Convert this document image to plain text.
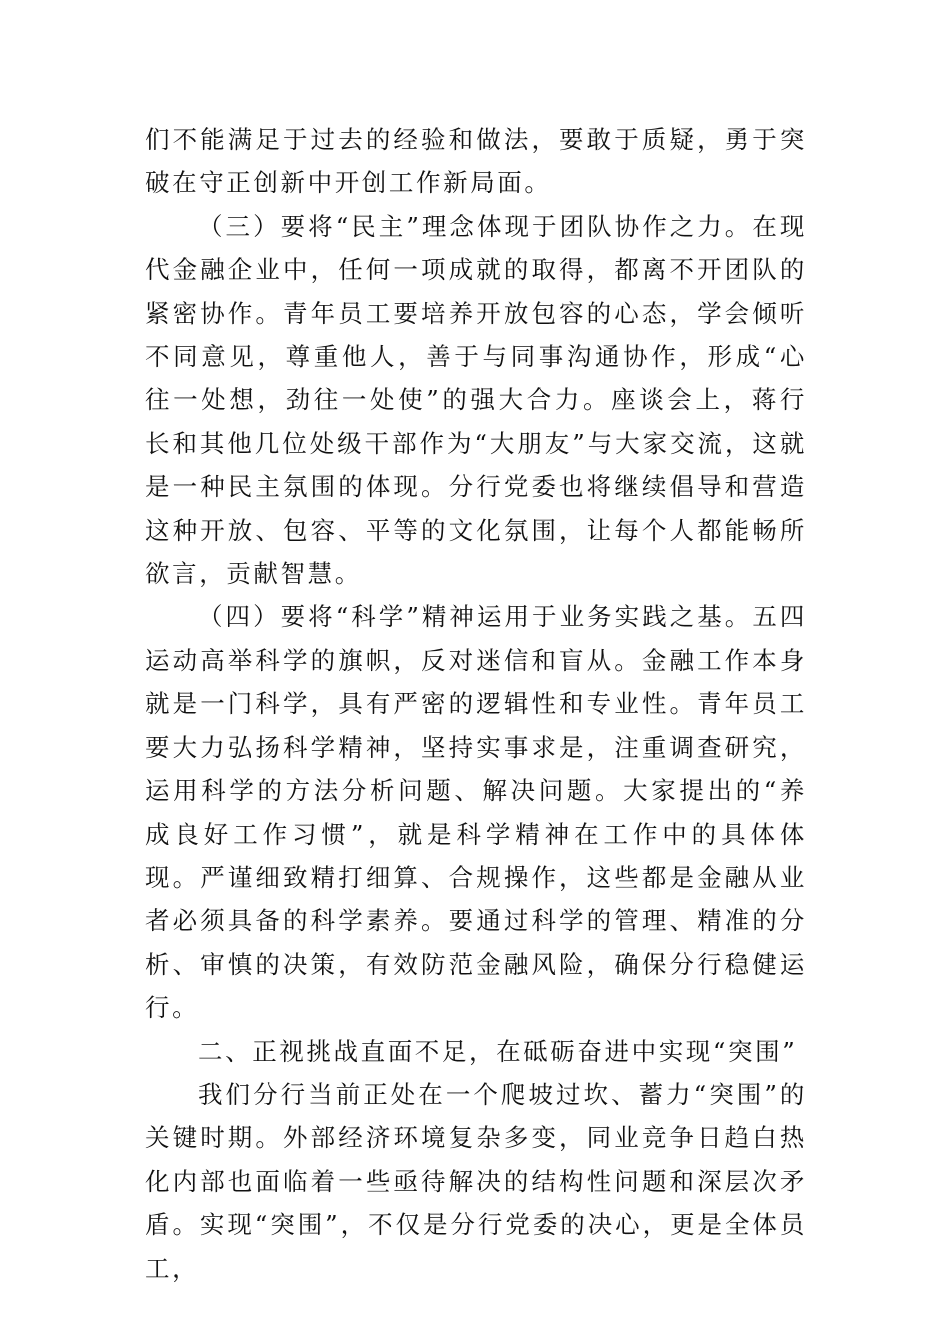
们不能满足于过去的经验和做法，要敢于质疑，勇于突破在守正创新中开创工作新局面。

（三）要将“民主”理念体现于团队协作之力。在现代金融企业中，任何一项成就的取得，都离不开团队的紧密协作。青年员工要培养开放包容的心态，学会倾听不同意见，尊重他人，善于与同事沟通协作，形成“心往一处想，劲往一处使”的强大合力。座谈会上，蒋行长和其他几位处级干部作为“大朋友”与大家交流，这就是一种民主氛围的体现。分行党委也将继续倡导和营造这种开放、包容、平等的文化氛围，让每个人都能畅所欲言，贡献智慧。

（四）要将“科学”精神运用于业务实践之基。五四运动高举科学的旗帜，反对迷信和盲从。金融工作本身就是一门科学，具有严密的逻辑性和专业性。青年员工要大力弘扬科学精神，坚持实事求是，注重调查研究，运用科学的方法分析问题、解决问题。大家提出的“养成良好工作习惯”，就是科学精神在工作中的具体体现。严谨细致精打细算、合规操作，这些都是金融从业者必须具备的科学素养。要通过科学的管理、精准的分析、审慎的决策，有效防范金融风险，确保分行稳健运行。

二、正视挑战直面不足，在砥砺奋进中实现“突围”

我们分行当前正处在一个爬坡过坎、蓄力“突围”的关键时期。外部经济环境复杂多变，同业竞争日趋白热化内部也面临着一些亟待解决的结构性问题和深层次矛盾。实现“突围”，不仅是分行党委的决心，更是全体员工，
